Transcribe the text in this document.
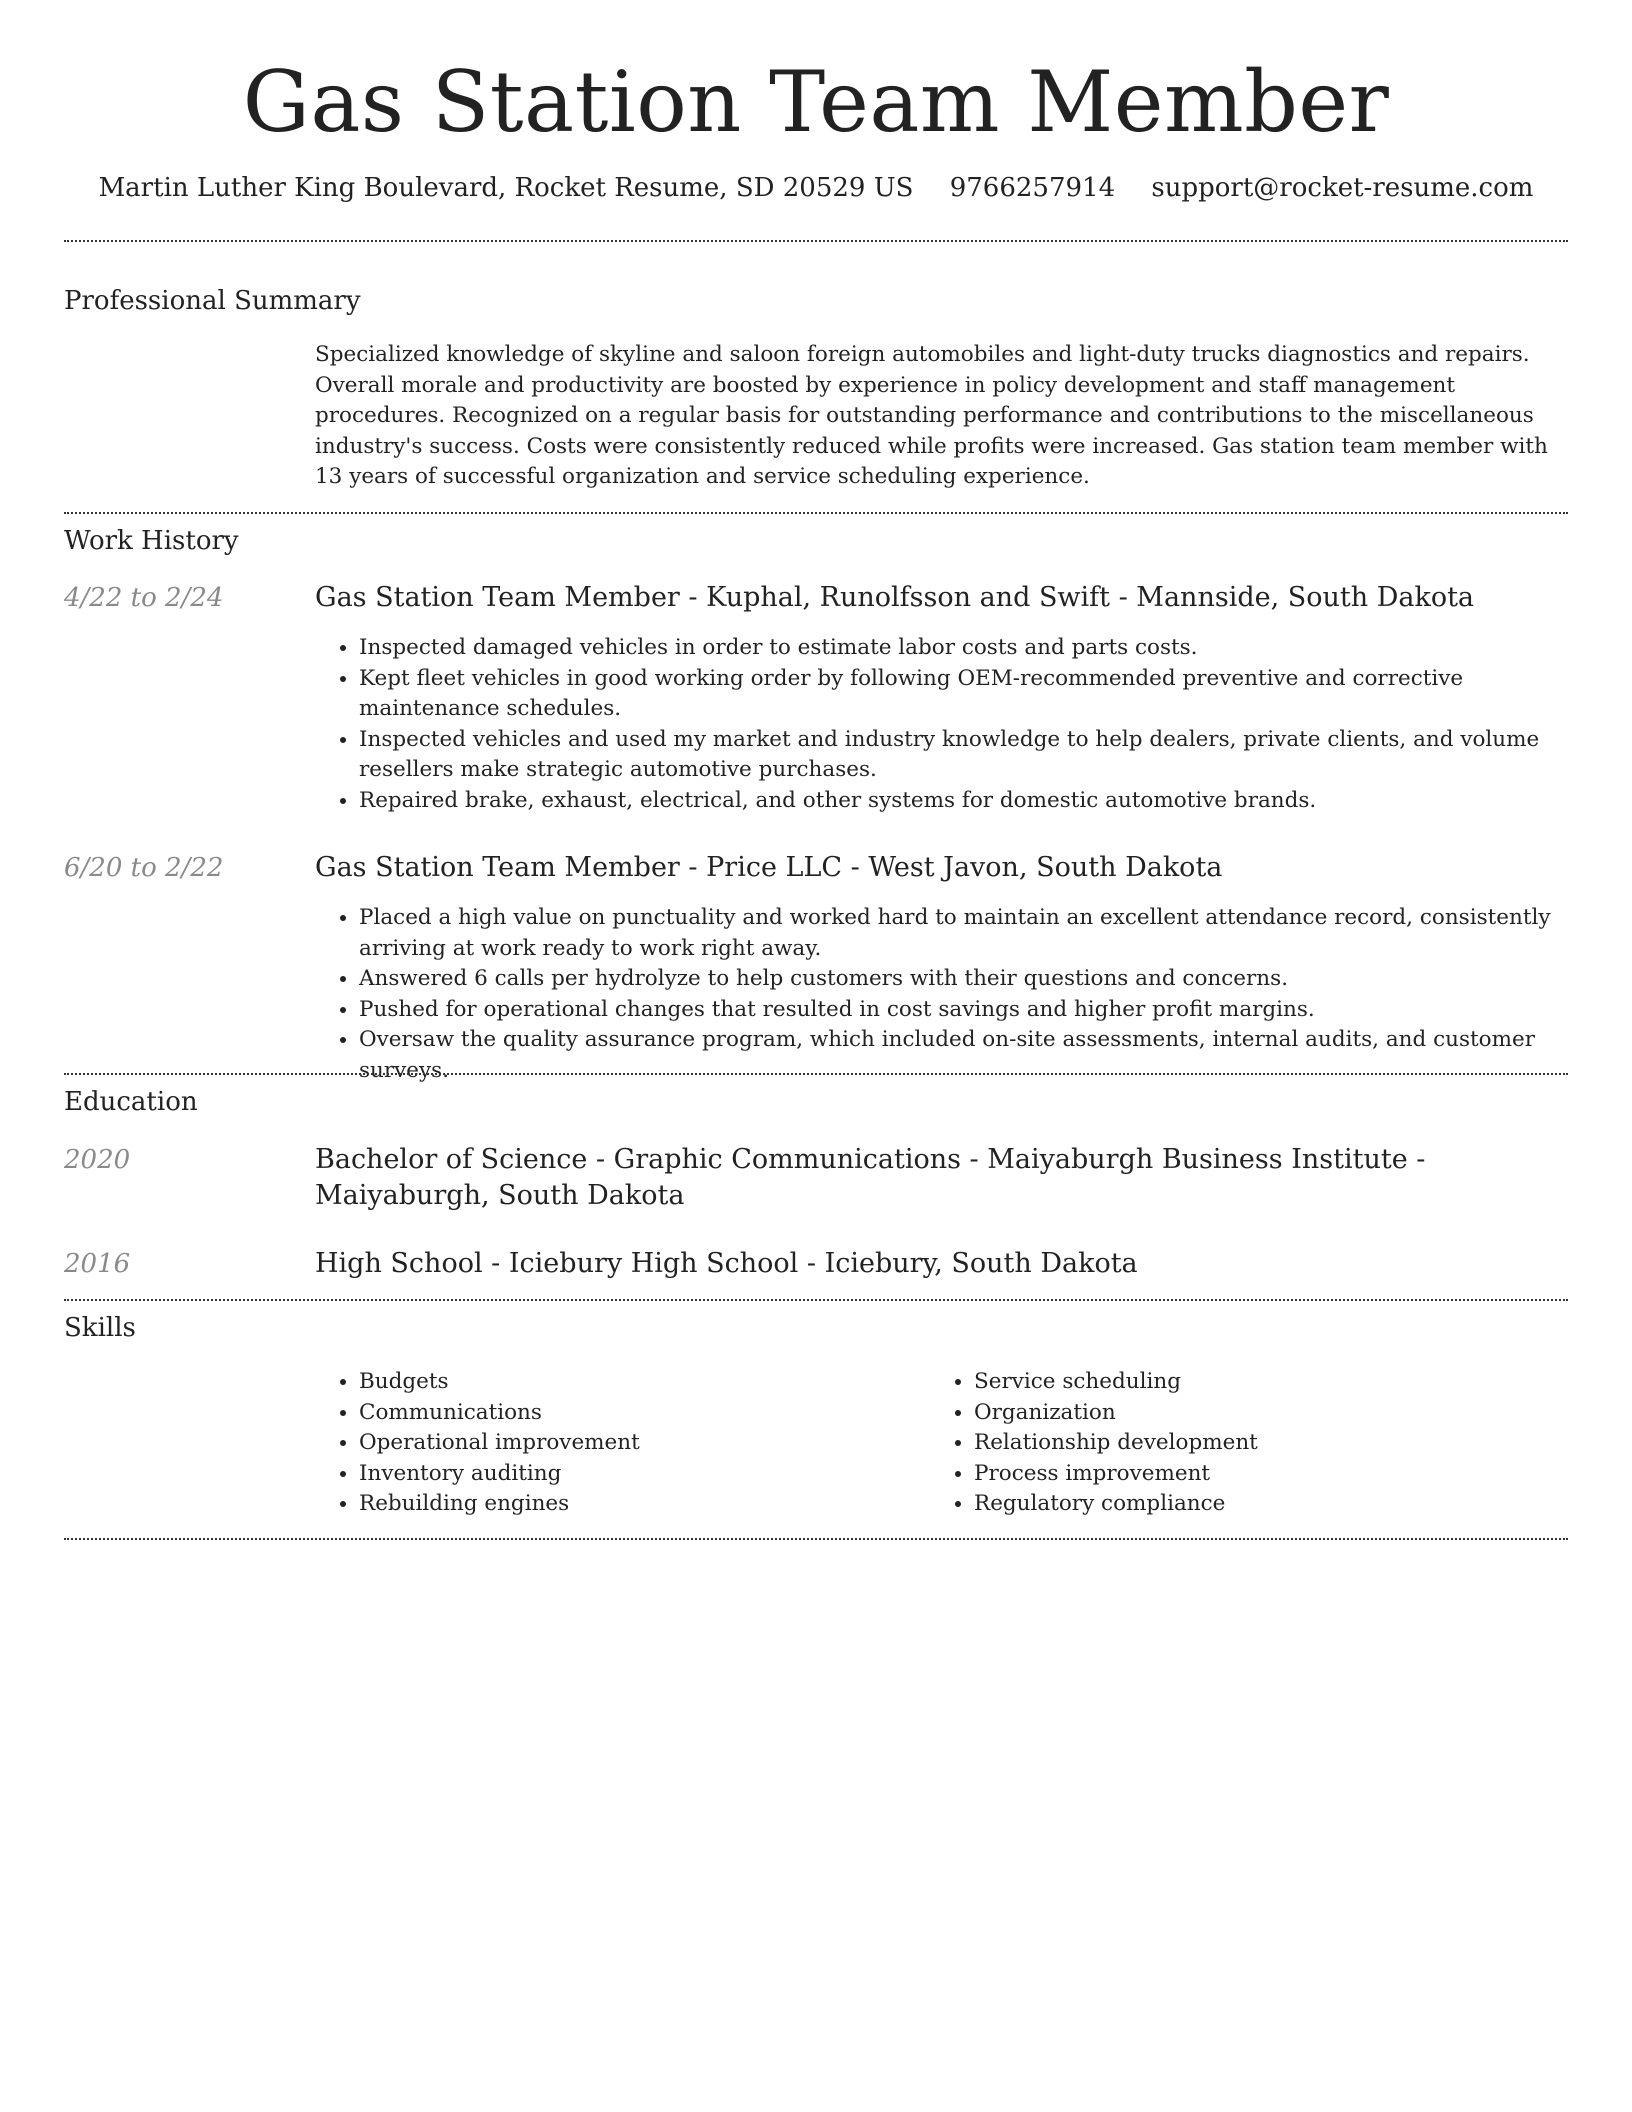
Gas Station Team Member
Martin Luther King Boulevard, Rocket Resume, SD 20529 US 9766257914 support@rocket-resume.com
Professional Summary
Specialized knowledge of skyline and saloon foreign automobiles and light-duty trucks diagnostics and repairs. Overall morale and productivity are boosted by experience in policy development and staff management procedures. Recognized on a regular basis for outstanding performance and contributions to the miscellaneous industry's success. Costs were consistently reduced while profits were increased. Gas station team member with 13 years of successful organization and service scheduling experience.
Work History
4/22 to 2/24	Gas Station Team Member - Kuphal, Runolfsson and Swift - Mannside, South Dakota
• Inspected damaged vehicles in order to estimate labor costs and parts costs.
• Kept fleet vehicles in good working order by following OEM-recommended preventive and corrective maintenance schedules.
• Inspected vehicles and used my market and industry knowledge to help dealers, private clients, and volume resellers make strategic automotive purchases.
• Repaired brake, exhaust, electrical, and other systems for domestic automotive brands.
6/20 to 2/22	Gas Station Team Member - Price LLC - West Javon, South Dakota
• Placed a high value on punctuality and worked hard to maintain an excellent attendance record, consistently arriving at work ready to work right away.
• Answered 6 calls per hydrolyze to help customers with their questions and concerns.
• Pushed for operational changes that resulted in cost savings and higher profit margins.
• Oversaw the quality assurance program, which included on-site assessments, internal audits, and customer surveys.
Education
2020	Bachelor of Science - Graphic Communications - Maiyaburgh Business Institute - Maiyaburgh, South Dakota
2016	High School - Iciebury High School - Iciebury, South Dakota
Skills
• Budgets
• Communications
• Operational improvement
• Inventory auditing
• Rebuilding engines
• Service scheduling
• Organization
• Relationship development
• Process improvement
• Regulatory compliance
